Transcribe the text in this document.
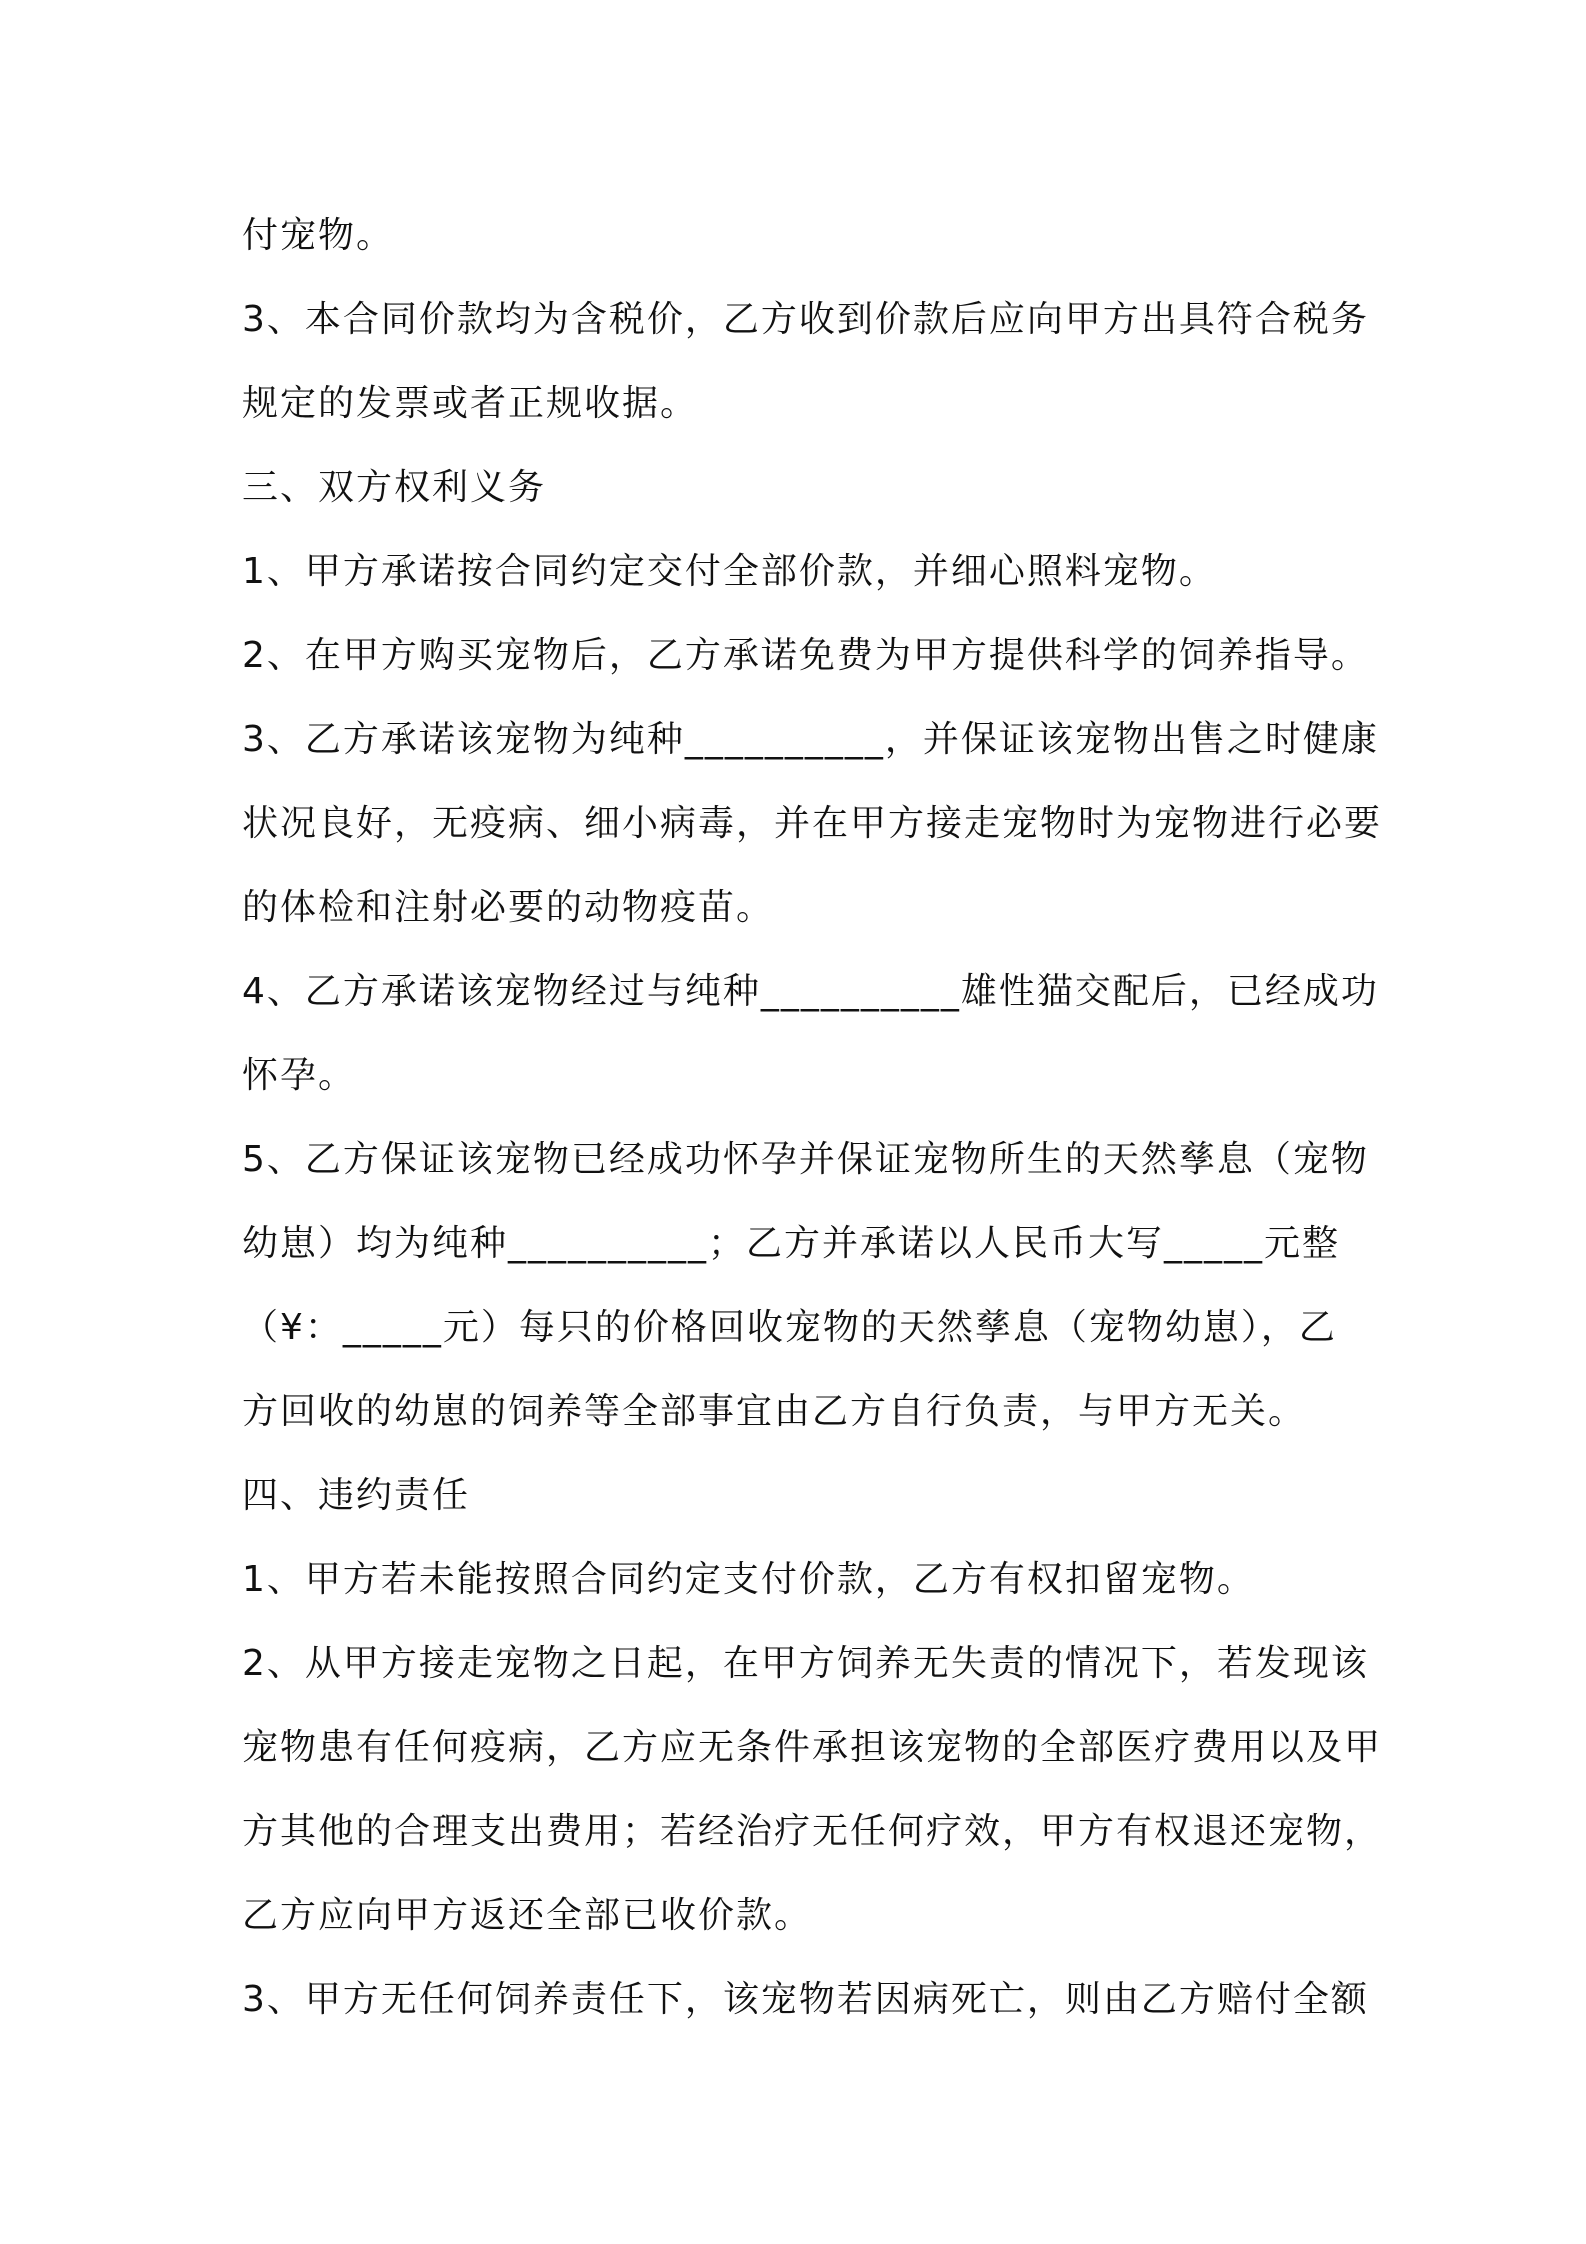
付宠物。
3、本合同价款均为含税价，乙方收到价款后应向甲方出具符合税务
规定的发票或者正规收据。
三、双方权利义务
1、甲方承诺按合同约定交付全部价款，并细心照料宠物。
2、在甲方购买宠物后，乙方承诺免费为甲方提供科学的饲养指导。
3、乙方承诺该宠物为纯种__________，并保证该宠物出售之时健康
状况良好，无疫病、细小病毒，并在甲方接走宠物时为宠物进行必要
的体检和注射必要的动物疫苗。
4、乙方承诺该宠物经过与纯种__________雄性猫交配后，已经成功
怀孕。
5、乙方保证该宠物已经成功怀孕并保证宠物所生的天然孳息（宠物
幼崽）均为纯种__________；乙方并承诺以人民币大写_____元整
（¥：_____元）每只的价格回收宠物的天然孳息（宠物幼崽），乙
方回收的幼崽的饲养等全部事宜由乙方自行负责，与甲方无关。
四、违约责任
1、甲方若未能按照合同约定支付价款，乙方有权扣留宠物。
2、从甲方接走宠物之日起，在甲方饲养无失责的情况下，若发现该
宠物患有任何疫病，乙方应无条件承担该宠物的全部医疗费用以及甲
方其他的合理支出费用；若经治疗无任何疗效，甲方有权退还宠物，
乙方应向甲方返还全部已收价款。
3、甲方无任何饲养责任下，该宠物若因病死亡，则由乙方赔付全额
